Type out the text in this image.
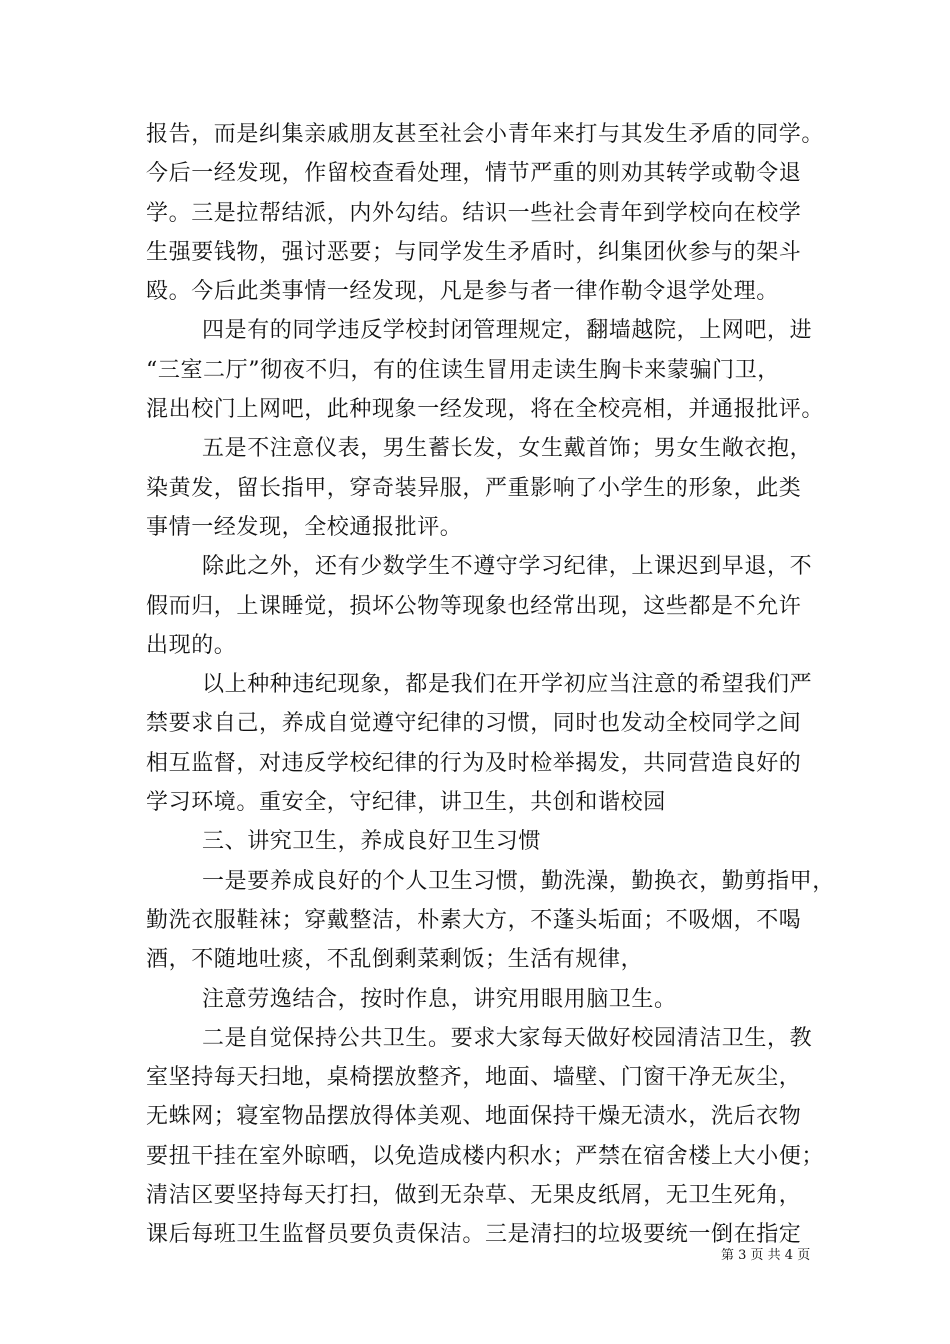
报告，而是纠集亲戚朋友甚至社会小青年来打与其发生矛盾的同学。
今后一经发现，作留校查看处理，情节严重的则劝其转学或勒令退
学。三是拉帮结派，内外勾结。结识一些社会青年到学校向在校学
生强要钱物，强讨恶要；与同学发生矛盾时，纠集团伙参与的架斗
殴。今后此类事情一经发现，凡是参与者一律作勒令退学处理。
四是有的同学违反学校封闭管理规定，翻墙越院，上网吧，进
“三室二厅”彻夜不归，有的住读生冒用走读生胸卡来蒙骗门卫，
混出校门上网吧，此种现象一经发现，将在全校亮相，并通报批评。
五是不注意仪表，男生蓄长发，女生戴首饰；男女生敞衣抱，
染黄发，留长指甲，穿奇装异服，严重影响了小学生的形象，此类
事情一经发现，全校通报批评。
除此之外，还有少数学生不遵守学习纪律，上课迟到早退，不
假而归，上课睡觉，损坏公物等现象也经常出现，这些都是不允许
出现的。
以上种种违纪现象，都是我们在开学初应当注意的希望我们严
禁要求自己，养成自觉遵守纪律的习惯，同时也发动全校同学之间
相互监督，对违反学校纪律的行为及时检举揭发，共同营造良好的
学习环境。重安全，守纪律，讲卫生，共创和谐校园
三、讲究卫生，养成良好卫生习惯
一是要养成良好的个人卫生习惯，勤洗澡，勤换衣，勤剪指甲，
勤洗衣服鞋袜；穿戴整洁，朴素大方，不蓬头垢面；不吸烟，不喝
酒，不随地吐痰，不乱倒剩菜剩饭；生活有规律，
注意劳逸结合，按时作息，讲究用眼用脑卫生。
二是自觉保持公共卫生。要求大家每天做好校园清洁卫生，教
室坚持每天扫地，桌椅摆放整齐，地面、墙壁、门窗干净无灰尘，
无蛛网；寝室物品摆放得体美观、地面保持干燥无渍水，洗后衣物
要扭干挂在室外晾晒，以免造成楼内积水；严禁在宿舍楼上大小便；
清洁区要坚持每天打扫，做到无杂草、无果皮纸屑，无卫生死角，
课后每班卫生监督员要负责保洁。三是清扫的垃圾要统一倒在指定
第 3 页 共 4 页
